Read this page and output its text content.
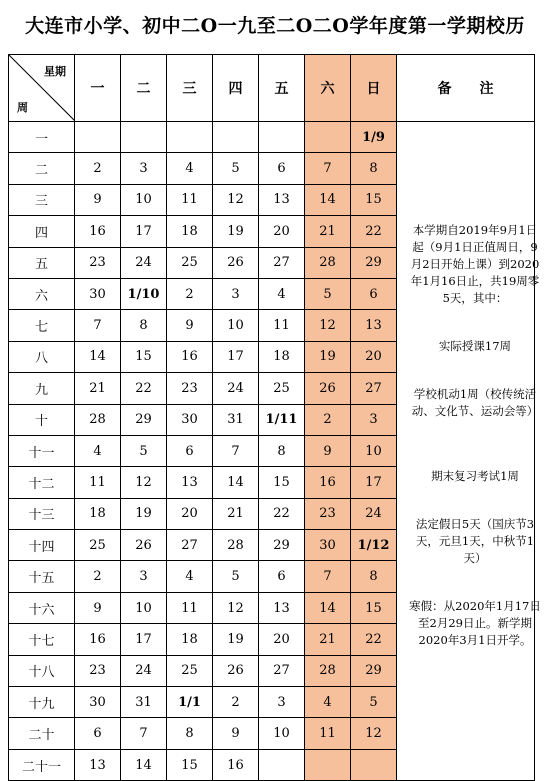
大连市小学、初中二O一九至二O二O学年度第一学期校历
星期
周	一	二	三	四	五	六	日	备　　注
一							1/9	
二	2	3	4	5	6	7	8	
三	9	10	11	12	13	14	15	
四	16	17	18	19	20	21	22	
五	23	24	25	26	27	28	29	
六	30	1/10	2	3	4	5	6	
七	7	8	9	10	11	12	13	
八	14	15	16	17	18	19	20	
九	21	22	23	24	25	26	27	
十	28	29	30	31	1/11	2	3	
十一	4	5	6	7	8	9	10	
十二	11	12	13	14	15	16	17	
十三	18	19	20	21	22	23	24	
十四	25	26	27	28	29	30	1/12	
十五	2	3	4	5	6	7	8	
十六	9	10	11	12	13	14	15	
十七	16	17	18	19	20	21	22	
十八	23	24	25	26	27	28	29	
十九	30	31	1/1	2	3	4	5	
二十	6	7	8	9	10	11	12	
二十一	13	14	15	16				
本学期自2019年9月1日起（9月1日正值周日，9月2日开始上课）到2020年1月16日止，共19周零5天，其中：
实际授课17周
学校机动1周（校传统活动、文化节、运动会等）
期末复习考试1周
法定假日5天（国庆节3天，元旦1天，中秋节1天）
寒假：从2020年1月17日至2月29日止。新学期2020年3月1日开学。
